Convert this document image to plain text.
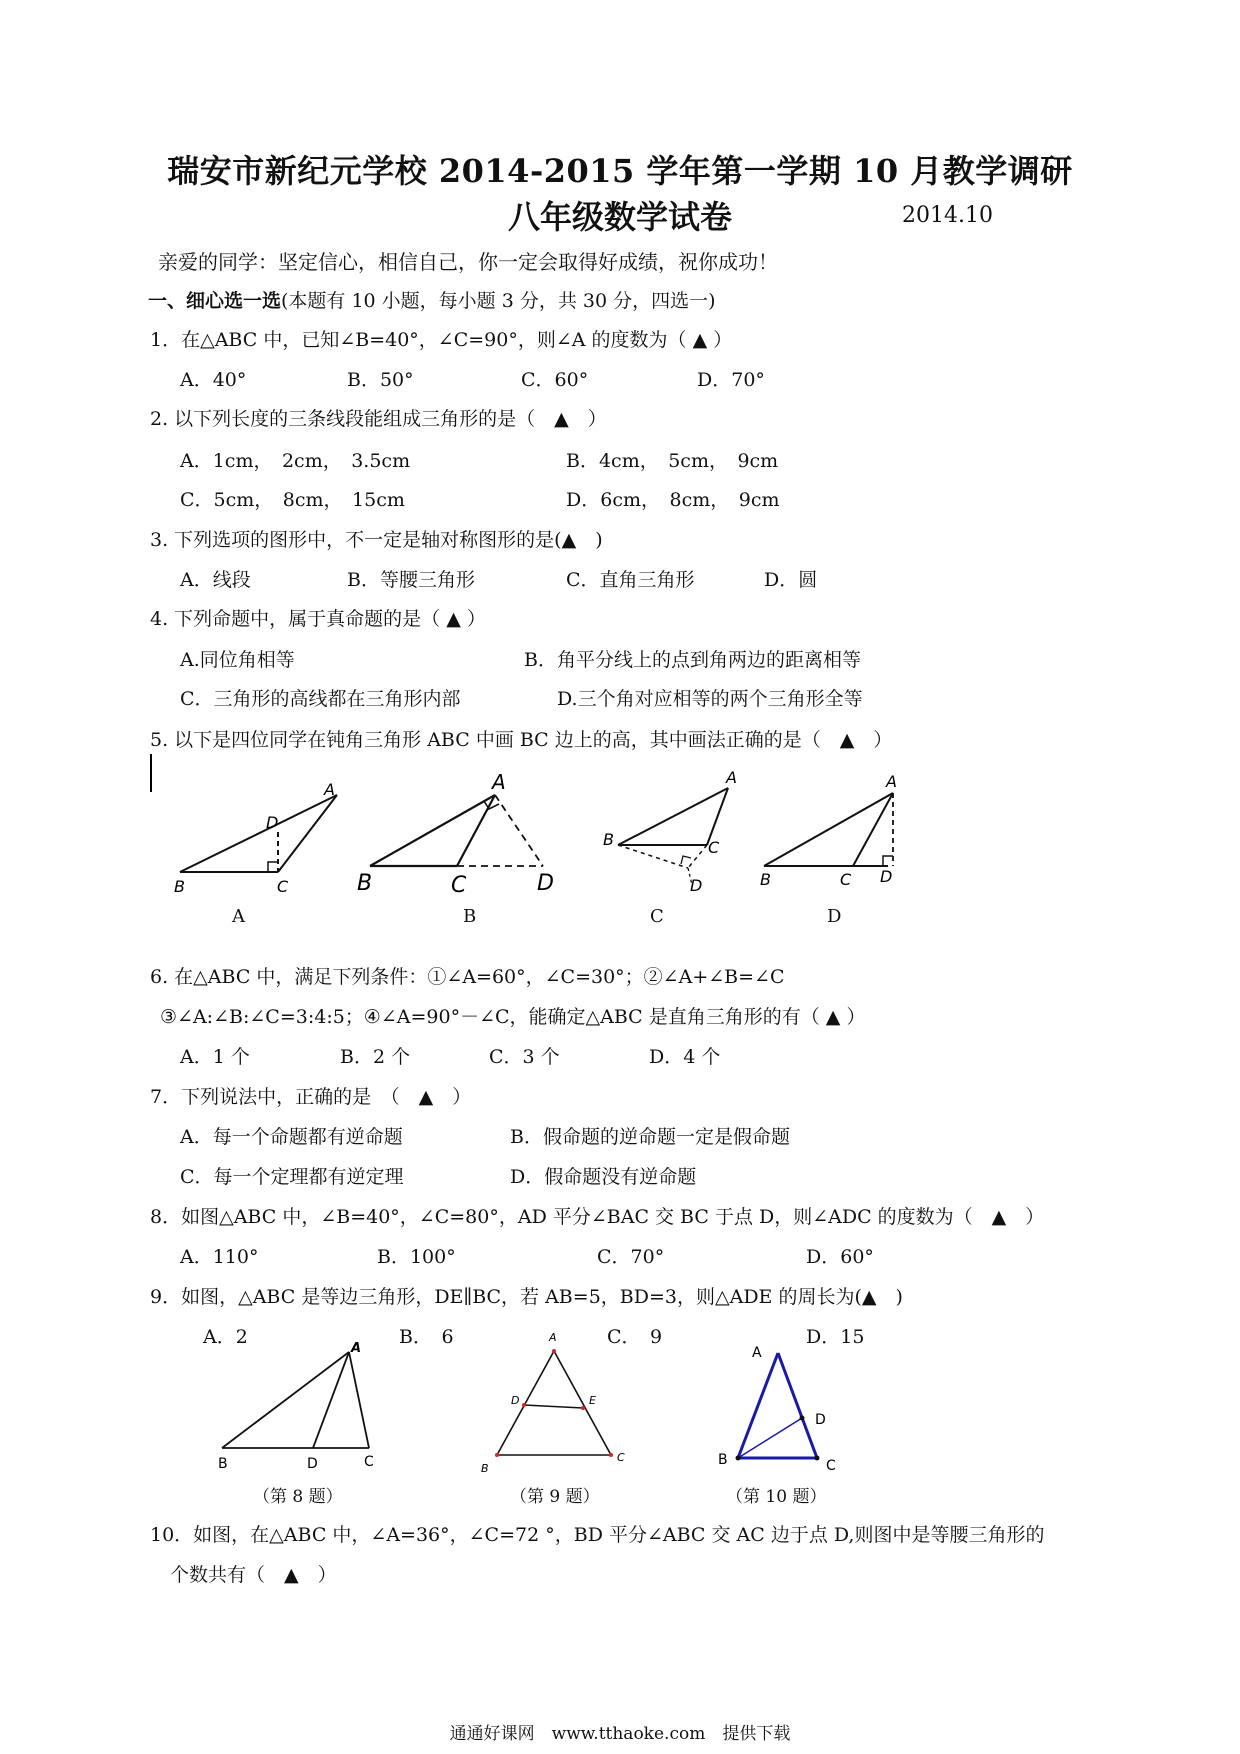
瑞安市新纪元学校 2014-2015 学年第一学期 10 月教学调研
八年级数学试卷	2014.10
亲爱的同学：坚定信心，相信自己，你一定会取得好成绩，祝你成功！
一、细心选一选(本题有 10 小题，每小题 3 分，共 30 分，四选一)
1．在△ABC 中，已知∠B=40°，∠C=90°，则∠A 的度数为（ ▲ ）
A．40°	B．50°	C．60°	D．70°
2. 以下列长度的三条线段能组成三角形的是（　▲　）
A．1cm，　2cm，　3.5cm	B．4cm，　5cm，　9cm
C．5cm，　8cm，　15cm	D．6cm，　8cm，　9cm
3. 下列选项的图形中，不一定是轴对称图形的是(▲　)
A．线段	B．等腰三角形	C．直角三角形	D．圆
4. 下列命题中，属于真命题的是（ ▲ ）
A.同位角相等	B．角平分线上的点到角两边的距离相等
C．三角形的高线都在三角形内部	D.三个角对应相等的两个三角形全等
5. 以下是四位同学在钝角三角形 ABC 中画 BC 边上的高，其中画法正确的是（　▲　）
B	C
A
D
B	C	D
A
B	C
A
D	B	C D
A
A	B	C	D
6. 在△ABC 中，满足下列条件：①∠A=60°，∠C=30°；②∠A+∠B=∠C
③∠A:∠B:∠C=3:4:5；④∠A=90°－∠C，能确定△ABC 是直角三角形的有（ ▲ ）
A．1 个	B．2 个	C．3 个	D．4 个
7．下列说法中，正确的是　（　▲　）
A．每一个命题都有逆命题	B．假命题的逆命题一定是假命题
C．每一个定理都有逆定理	D．假命题没有逆命题
8．如图△ABC 中，∠B=40°，∠C=80°，AD 平分∠BAC 交 BC 于点 D，则∠ADC 的度数为（　▲　）
A．110°	B．100°	C．70°	D．60°
9．如图，△ABC 是等边三角形，DE∥BC，若 AB=5，BD=3，则△ADE 的周长为(▲　)
A．2	B．　6	C．　9	D．15
B	D	C
A
A
D	E
B
C
A
D
B	C
（第 8 题）	（第 9 题）	（第 10 题）
10．如图，在△ABC 中，∠A=36°，∠C=72 °，BD 平分∠ABC 交 AC 边于点 D,则图中是等腰三角形的
个数共有（　▲　）
通通好课网　www.tthaoke.com　提供下载
